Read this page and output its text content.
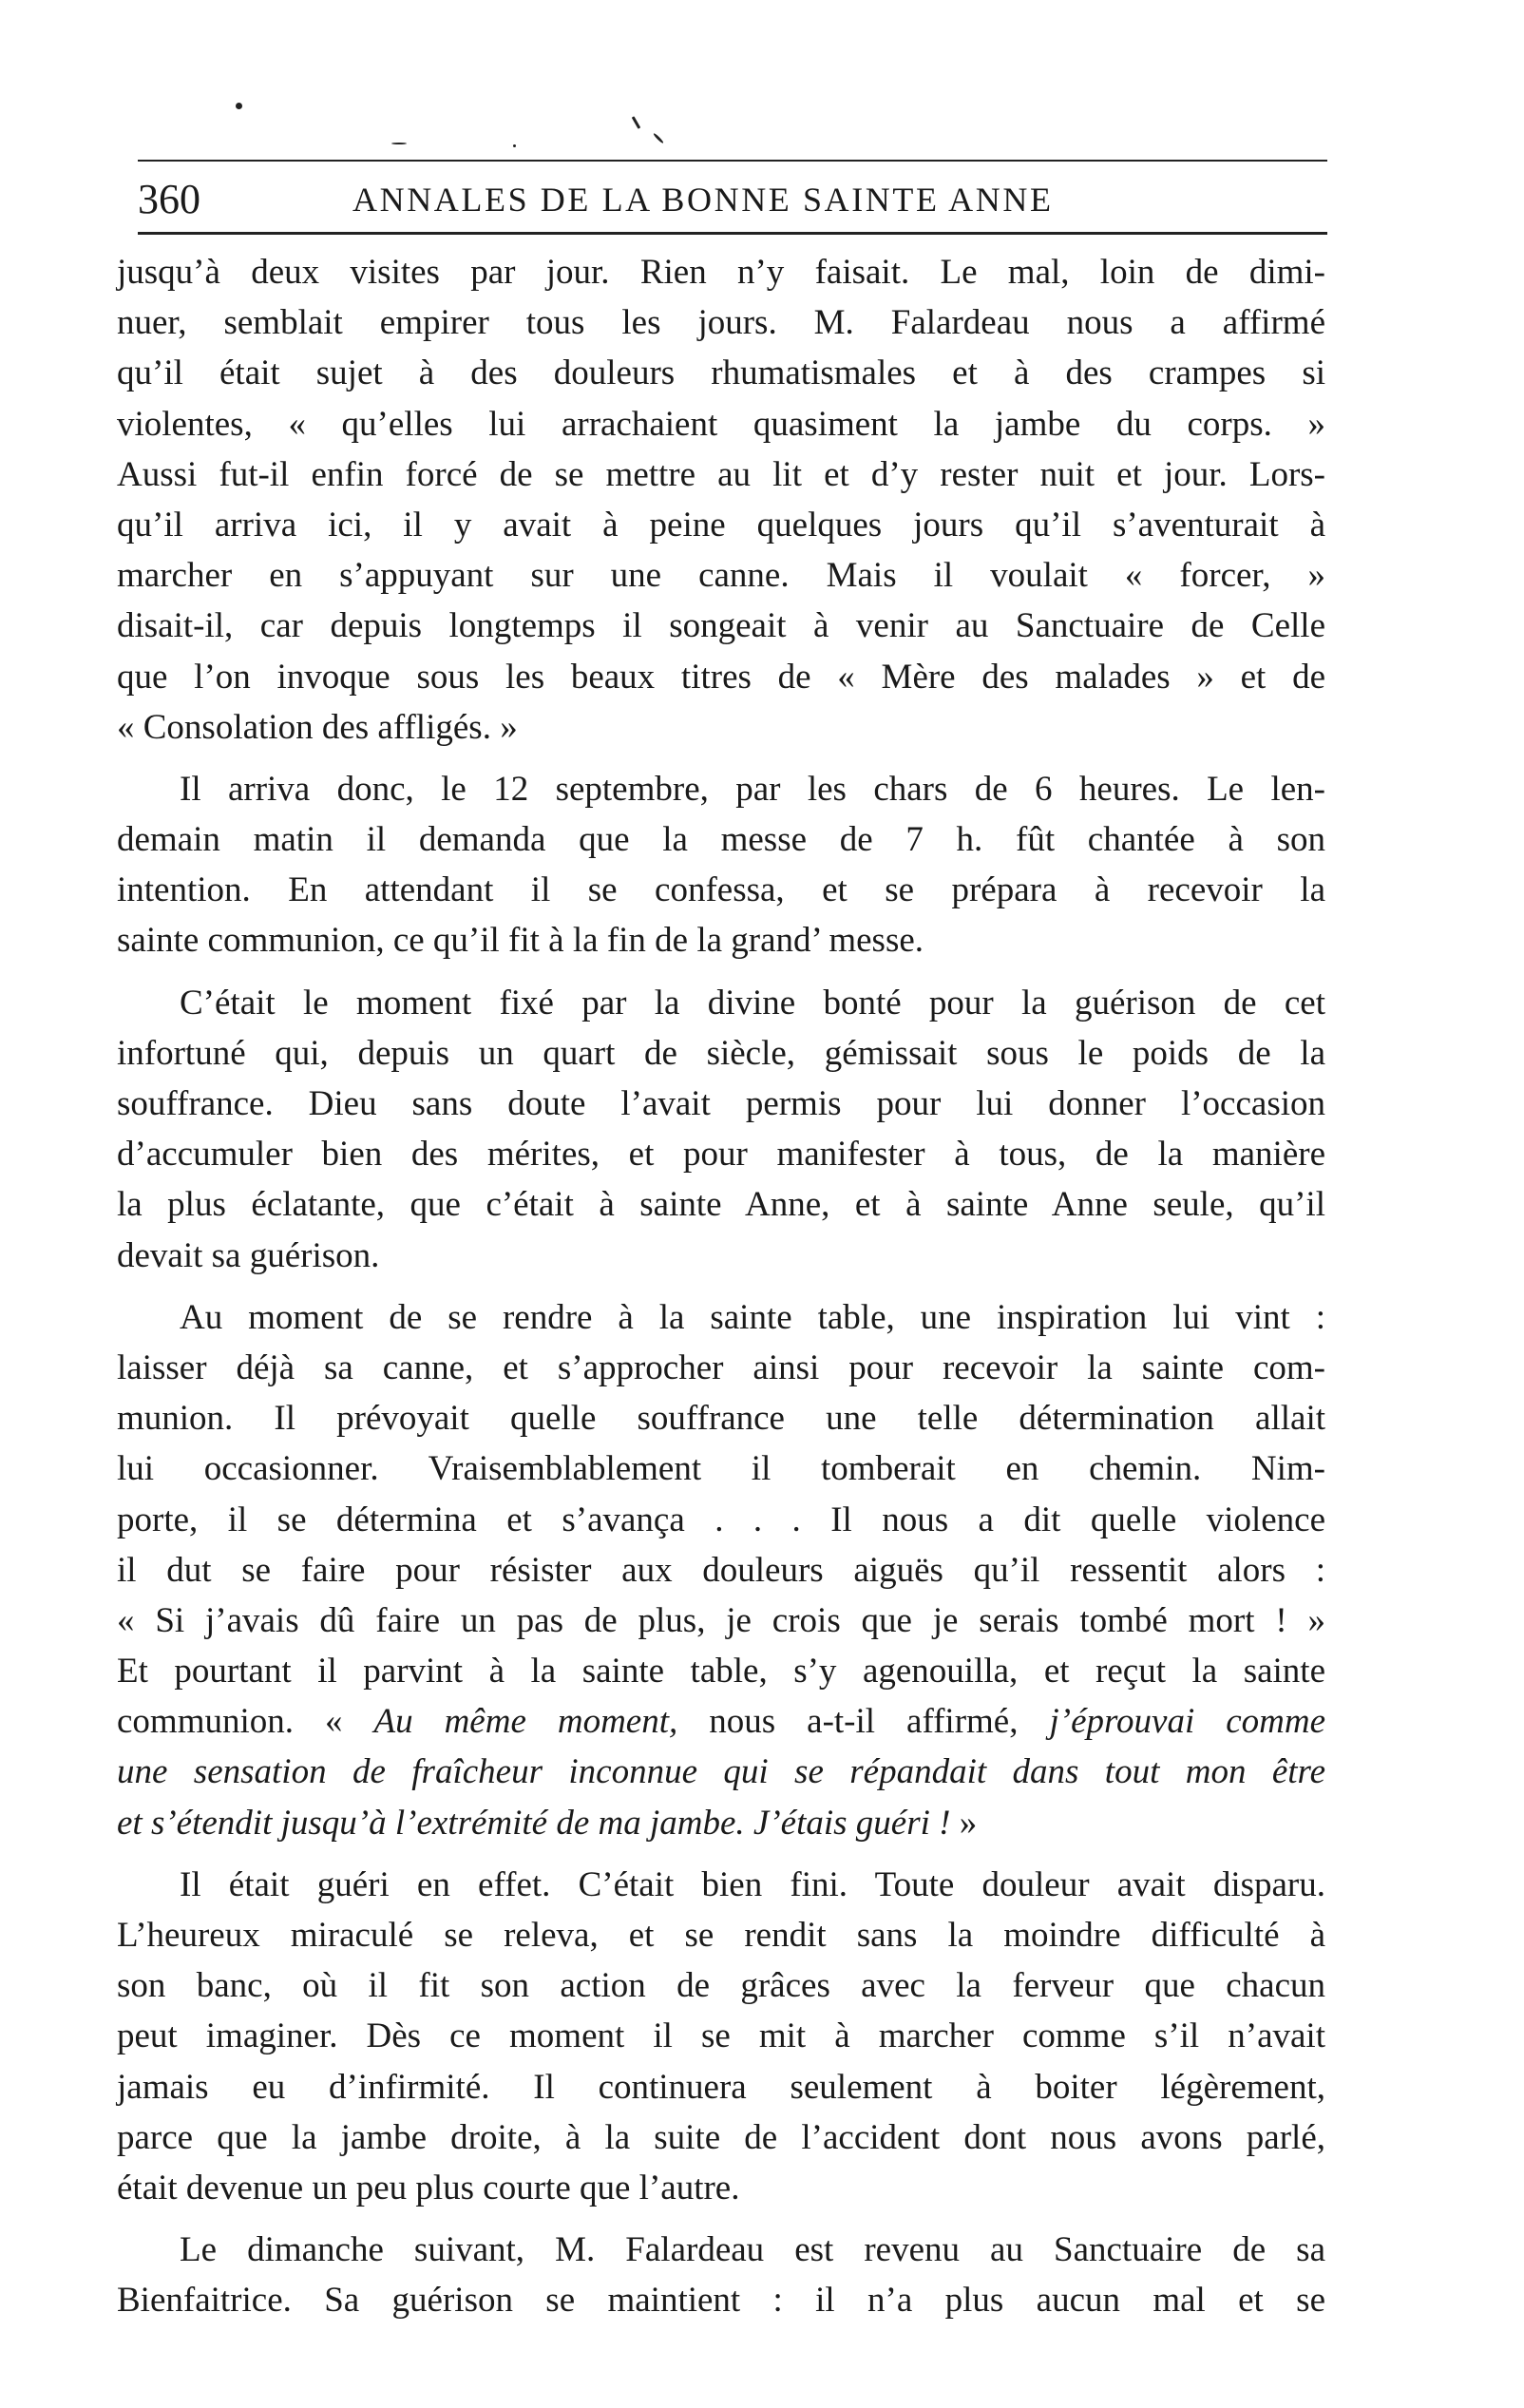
360	ANNALES DE LA BONNE SAINTE ANNE
jusqu’à deux visites par jour. Rien n’y faisait. Le mal, loin de dimi-
nuer, semblait empirer tous les jours. M. Falardeau nous a affirmé
qu’il était sujet à des douleurs rhumatismales et à des crampes si
violentes, « qu’elles lui arrachaient quasiment la jambe du corps. »
Aussi fut-il enfin forcé de se mettre au lit et d’y rester nuit et jour. Lors-
qu’il arriva ici, il y avait à peine quelques jours qu’il s’aventurait à
marcher en s’appuyant sur une canne. Mais il voulait « forcer, »
disait-il, car depuis longtemps il songeait à venir au Sanctuaire de Celle
que l’on invoque sous les beaux titres de « Mère des malades » et de
« Consolation des affligés. »
Il arriva donc, le 12 septembre, par les chars de 6 heures. Le len-
demain matin il demanda que la messe de 7 h. fût chantée à son
intention. En attendant il se confessa, et se prépara à recevoir la
sainte communion, ce qu’il fit à la fin de la grand’ messe.
C’était le moment fixé par la divine bonté pour la guérison de cet
infortuné qui, depuis un quart de siècle, gémissait sous le poids de la
souffrance. Dieu sans doute l’avait permis pour lui donner l’occasion
d’accumuler bien des mérites, et pour manifester à tous, de la manière
la plus éclatante, que c’était à sainte Anne, et à sainte Anne seule, qu’il
devait sa guérison.
Au moment de se rendre à la sainte table, une inspiration lui vint :
laisser déjà sa canne, et s’approcher ainsi pour recevoir la sainte com-
munion. Il prévoyait quelle souffrance une telle détermination allait
lui occasionner. Vraisemblablement il tomberait en chemin. Nim-
porte, il se détermina et s’avança . . . Il nous a dit quelle violence
il dut se faire pour résister aux douleurs aiguës qu’il ressentit alors :
« Si j’avais dû faire un pas de plus, je crois que je serais tombé mort ! »
Et pourtant il parvint à la sainte table, s’y agenouilla, et reçut la sainte
communion. « Au même moment, nous a-t-il affirmé, j’éprouvai comme
une sensation de fraîcheur inconnue qui se répandait dans tout mon être
et s’étendit jusqu’à l’extrémité de ma jambe. J’étais guéri ! »
Il était guéri en effet. C’était bien fini. Toute douleur avait disparu.
L’heureux miraculé se releva, et se rendit sans la moindre difficulté à
son banc, où il fit son action de grâces avec la ferveur que chacun
peut imaginer. Dès ce moment il se mit à marcher comme s’il n’avait
jamais eu d’infirmité. Il continuera seulement à boiter légèrement,
parce que la jambe droite, à la suite de l’accident dont nous avons parlé,
était devenue un peu plus courte que l’autre.
Le dimanche suivant, M. Falardeau est revenu au Sanctuaire de sa
Bienfaitrice. Sa guérison se maintient : il n’a plus aucun mal et se
